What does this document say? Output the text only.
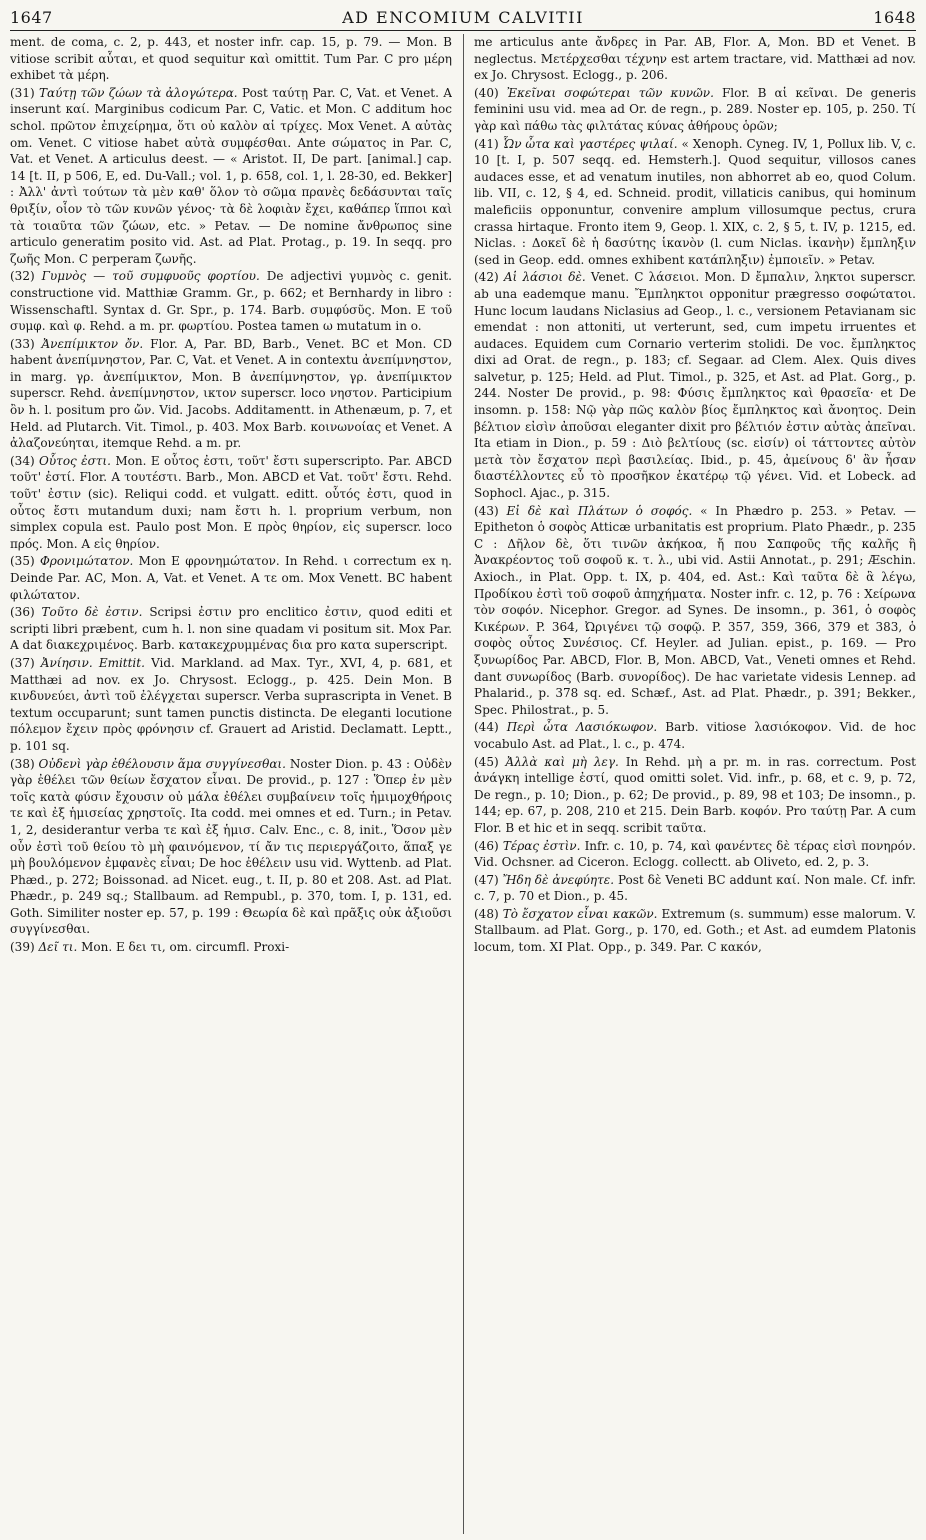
1647	AD ENCOMIUM CALVITII	1648

ment. de coma, c. 2, p. 443, et noster infr. cap. 15, p. 79. — Mon. B vitiose scribit αὗται, et quod sequitur καὶ omittit. Tum Par. C pro μέρη exhibet τὰ μέρη.

(31) Ταύτῃ τῶν ζώων τὰ ἀλογώτερα. Post ταύτῃ Par. C, Vat. et Venet. A inserunt καί. Marginibus codicum Par. C, Vatic. et Mon. C additum hoc schol. πρῶτον ἐπιχείρημα, ὅτι οὐ καλὸν αἱ τρίχες. Mox Venet. A αὐτὰς om. Venet. C vitiose habet αὐτὰ συμφέσθαι. Ante σώματος in Par. C, Vat. et Venet. A articulus deest. — « Aristot. II, De part. [animal.] cap. 14 [t. II, p 506, E, ed. Du-Vall.; vol. 1, p. 658, col. 1, l. 28-30, ed. Bekker] : Ἀλλ' ἀντὶ τούτων τὰ μὲν καθ' ὅλον τὸ σῶμα πρανὲς δεδάσυνται ταῖς θριξίν, οἷον τὸ τῶν κυνῶν γένος· τὰ δὲ λοφιὰν ἔχει, καθάπερ ἵπποι καὶ τὰ τοιαῦτα τῶν ζώων, etc. » Petav. — De nomine ἄνθρωπος sine articulo generatim posito vid. Ast. ad Plat. Protag., p. 19. In seqq. pro ζωῆς Mon. C perperam ζωνῆς.

(32) Γυμνὸς — τοῦ συμφυοῦς φορτίου. De adjectivi γυμνὸς c. genit. constructione vid. Matthiæ Gramm. Gr., p. 662; et Bernhardy in libro : Wissenschaftl. Syntax d. Gr. Spr., p. 174. Barb. συμφύσῦς. Mon. E τοῦ συμφ. καὶ φ. Rehd. a m. pr. φωρτίου. Postea tamen ω mutatum in o.

(33) Ἀνεπίμικτον ὄν. Flor. A, Par. BD, Barb., Venet. BC et Mon. CD habent ἀνεπίμνηστον, Par. C, Vat. et Venet. A in contextu ἀνεπίμνηστον, in marg. γρ. ἀνεπίμικτον, Mon. B ἀνεπίμνηστον, γρ. ἀνεπίμικτον superscr. Rehd. ἀνεπίμνηστον, ικτον superscr. loco νηστον. Participium ὂν h. l. positum pro ὤν. Vid. Jacobs. Additamentt. in Athenæum, p. 7, et Held. ad Plutarch. Vit. Timol., p. 403. Mox Barb. κοινωνοίας et Venet. A ἀλαζονεύηται, itemque Rehd. a m. pr.

(34) Οὗτος ἐστι. Mon. E οὗτος ἐστι, τοῦτ' ἔστι superscripto. Par. ABCD τοῦτ' ἐστί. Flor. A τουτέστι. Barb., Mon. ABCD et Vat. τοῦτ' ἔστι. Rehd. τοῦτ' ἐστιν (sic). Reliqui codd. et vulgatt. editt. οὗτός ἐστι, quod in οὗτος ἔστι mutandum duxi; nam ἔστι h. l. proprium verbum, non simplex copula est. Paulo post Mon. E πρὸς θηρίον, εἰς superscr. loco πρός. Mon. A εἰς θηρίον.

(35) Φρονιμώτατον. Mon E φρονημώτατον. In Rehd. ι correctum ex η. Deinde Par. AC, Mon. A, Vat. et Venet. A τε om. Mox Venett. BC habent φιλώτατον.

(36) Τοῦτο δὲ ἐστιν. Scripsi ἐστιν pro enclitico ἐστιν, quod editi et scripti libri præbent, cum h. l. non sine quadam vi positum sit. Mox Par. A dat διακεχριμένος. Barb. κατακεχρυμμένας δια pro κατα superscript.

(37) Ἀνίησιν. Emittit. Vid. Markland. ad Max. Tyr., XVI, 4, p. 681, et Matthæi ad nov. ex Jo. Chrysost. Eclogg., p. 425. Dein Mon. B κινδυνεύει, ἀντὶ τοῦ ἐλέγχεται superscr. Verba suprascripta in Venet. B textum occuparunt; sunt tamen punctis distincta. De eleganti locutione πόλεμον ἔχειν πρὸς φρόνησιν cf. Grauert ad Aristid. Declamatt. Leptt., p. 101 sq.

(38) Οὐδενὶ γὰρ ἐθέλουσιν ἅμα συγγίνεσθαι. Noster Dion. p. 43 : Οὐδὲν γὰρ ἐθέλει τῶν θείων ἔσχατον εἶναι. De provid., p. 127 : Ὅπερ ἐν μὲν τοῖς κατὰ φύσιν ἔχουσιν οὐ μάλα ἐθέλει συμβαίνειν τοῖς ἡμιμοχθήροις τε καὶ ἐξ ἡμισείας χρηστοῖς. Ita codd. mei omnes et ed. Turn.; in Petav. 1, 2, desiderantur verba τε καὶ ἐξ ἡμισ. Calv. Enc., c. 8, init., Ὅσον μὲν οὖν ἐστὶ τοῦ θείου τὸ μὴ φαινόμενον, τί ἄν τις περιεργάζοιτο, ἅπαξ γε μὴ βουλόμενον ἐμφανὲς εἶναι; De hoc ἐθέλειν usu vid. Wyttenb. ad Plat. Phæd., p. 272; Boissonad. ad Nicet. eug., t. II, p. 80 et 208. Ast. ad Plat. Phædr., p. 249 sq.; Stallbaum. ad Rempubl., p. 370, tom. I, p. 131, ed. Goth. Similiter noster ep. 57, p. 199 : Θεωρία δὲ καὶ πρᾶξις οὐκ ἀξιοῦσι συγγίνεσθαι.

(39) Δεῖ τι. Mon. E δει τι, om. circumfl. Proxi-

me articulus ante ἄνδρες in Par. AB, Flor. A, Mon. BD et Venet. B neglectus. Μετέρχεσθαι τέχνην est artem tractare, vid. Matthæi ad nov. ex Jo. Chrysost. Eclogg., p. 206.

(40) Ἐκεῖναι σοφώτεραι τῶν κυνῶν. Flor. B αἱ κεῖναι. De generis feminini usu vid. mea ad Or. de regn., p. 289. Noster ep. 105, p. 250. Τί γὰρ καὶ πάθω τὰς φιλτάτας κύνας ἀθήρους ὁρῶν;

(41) Ὧν ὦτα καὶ γαστέρες ψιλαί. « Xenoph. Cyneg. IV, 1, Pollux lib. V, c. 10 [t. I, p. 507 seqq. ed. Hemsterh.]. Quod sequitur, villosos canes audaces esse, et ad venatum inutiles, non abhorret ab eo, quod Colum. lib. VII, c. 12, § 4, ed. Schneid. prodit, villaticis canibus, qui hominum maleficiis opponuntur, convenire amplum villosumque pectus, crura crassa hirtaque. Fronto item 9, Geop. l. XIX, c. 2, § 5, t. IV, p. 1215, ed. Niclas. : Δοκεῖ δὲ ἡ δασύτης ἱκανὸν (l. cum Niclas. ἱκανὴν) ἔμπληξιν (sed in Geop. edd. omnes exhibent κατάπληξιν) ἐμποιεῖν. » Petav.

(42) Αἱ λάσιοι δὲ. Venet. C λάσειοι. Mon. D ἔμπαλιν, ληκτοι superscr. ab una eademque manu. Ἔμπληκτοι opponitur prægresso σοφώτατοι. Hunc locum laudans Niclasius ad Geop., l. c., versionem Petavianam sic emendat : non attoniti, ut verterunt, sed, cum impetu irruentes et audaces. Equidem cum Cornario verterim stolidi. De voc. ἔμπληκτος dixi ad Orat. de regn., p. 183; cf. Segaar. ad Clem. Alex. Quis dives salvetur, p. 125; Held. ad Plut. Timol., p. 325, et Ast. ad Plat. Gorg., p. 244. Noster De provid., p. 98: Φύσις ἔμπληκτος καὶ θρασεῖα· et De insomn. p. 158: Νῷ γὰρ πῶς καλὸν βίος ἔμπληκτος καὶ ἄνοητος. Dein βέλτιον εἰσὶν ἀποῦσαι eleganter dixit pro βέλτιόν ἐστιν αὐτὰς ἀπεῖναι. Ita etiam in Dion., p. 59 : Διὸ βελτίους (sc. εἰσίν) οἱ τάττοντες αὐτὸν μετὰ τὸν ἔσχατον περὶ βασιλείας. Ibid., p. 45, ἀμείνους δ' ἂν ἦσαν διαστέλλοντες εὖ τὸ προσῆκον ἑκατέρῳ τῷ γένει. Vid. et Lobeck. ad Sophocl. Ajac., p. 315.

(43) Εἰ δὲ καὶ Πλάτων ὁ σοφός. « In Phædro p. 253. » Petav. — Epitheton ὁ σοφὸς Atticæ urbanitatis est proprium. Plato Phædr., p. 235 C : Δῆλον δὲ, ὅτι τινῶν ἀκήκοα, ἤ που Σαπφοῦς τῆς καλῆς ἢ Ἀνακρέοντος τοῦ σοφοῦ κ. τ. λ., ubi vid. Astii Annotat., p. 291; Æschin. Axioch., in Plat. Opp. t. IX, p. 404, ed. Ast.: Καὶ ταῦτα δὲ ἃ λέγω, Προδίκου ἐστὶ τοῦ σοφοῦ ἀπηχήματα. Noster infr. c. 12, p. 76 : Χείρωνα τὸν σοφόν. Nicephor. Gregor. ad Synes. De insomn., p. 361, ὁ σοφὸς Κικέρων. P. 364, Ὠριγένει τῷ σοφῷ. P. 357, 359, 366, 379 et 383, ὁ σοφὸς οὗτος Συνέσιος. Cf. Heyler. ad Julian. epist., p. 169. — Pro ξυνωρίδος Par. ABCD, Flor. B, Mon. ABCD, Vat., Veneti omnes et Rehd. dant συνωρίδος (Barb. συνορίδος). De hac varietate videsis Lennep. ad Phalarid., p. 378 sq. ed. Schæf., Ast. ad Plat. Phædr., p. 391; Bekker., Spec. Philostrat., p. 5.

(44) Περὶ ὦτα Λασιόκωφον. Barb. vitiose λασιόκοφον. Vid. de hoc vocabulo Ast. ad Plat., l. c., p. 474.

(45) Ἀλλὰ καὶ μὴ λεγ. In Rehd. μὴ a pr. m. in ras. correctum. Post ἀνάγκη intellige ἐστί, quod omitti solet. Vid. infr., p. 68, et c. 9, p. 72, De regn., p. 10; Dion., p. 62; De provid., p. 89, 98 et 103; De insomn., p. 144; ep. 67, p. 208, 210 et 215. Dein Barb. κοφόν. Pro ταύτῃ Par. A cum Flor. B et hic et in seqq. scribit ταῦτα.

(46) Τέρας ἐστὶν. Infr. c. 10, p. 74, καὶ φανέντες δὲ τέρας εἰσὶ πονηρόν. Vid. Ochsner. ad Ciceron. Eclogg. collectt. ab Oliveto, ed. 2, p. 3.

(47) Ἤδη δὲ ἀνεφύητε. Post δὲ Veneti BC addunt καί. Non male. Cf. infr. c. 7, p. 70 et Dion., p. 45.

(48) Τὸ ἔσχατον εἶναι κακῶν. Extremum (s. summum) esse malorum. V. Stallbaum. ad Plat. Gorg., p. 170, ed. Goth.; et Ast. ad eumdem Platonis locum, tom. XI Plat. Opp., p. 349. Par. C κακόν,
